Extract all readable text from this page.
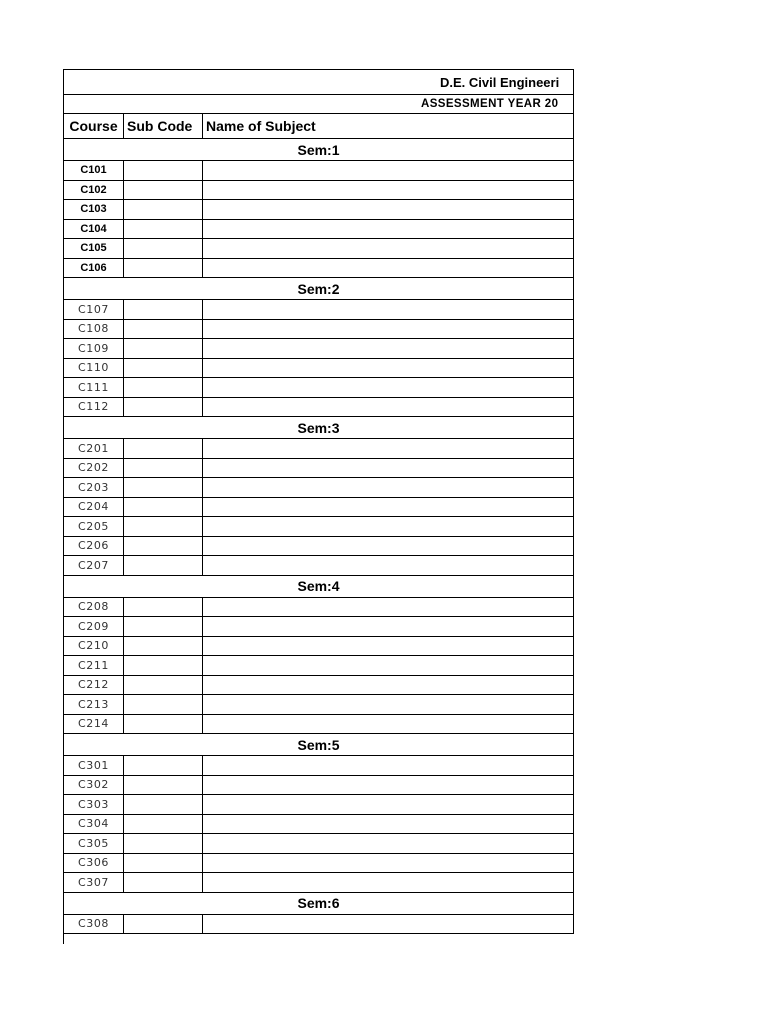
D.E. Civil Engineeri
ASSESSMENT YEAR 20
Course Sub Code Name of Subject
Sem:1
C101
C102
C103
C104
C105
C106
Sem:2
C107
C108
C109
C110
C111
C112
Sem:3
C201
C202
C203
C204
C205
C206
C207
Sem:4
C208
C209
C210
C211
C212
C213
C214
Sem:5
C301
C302
C303
C304
C305
C306
C307
Sem:6
C308
